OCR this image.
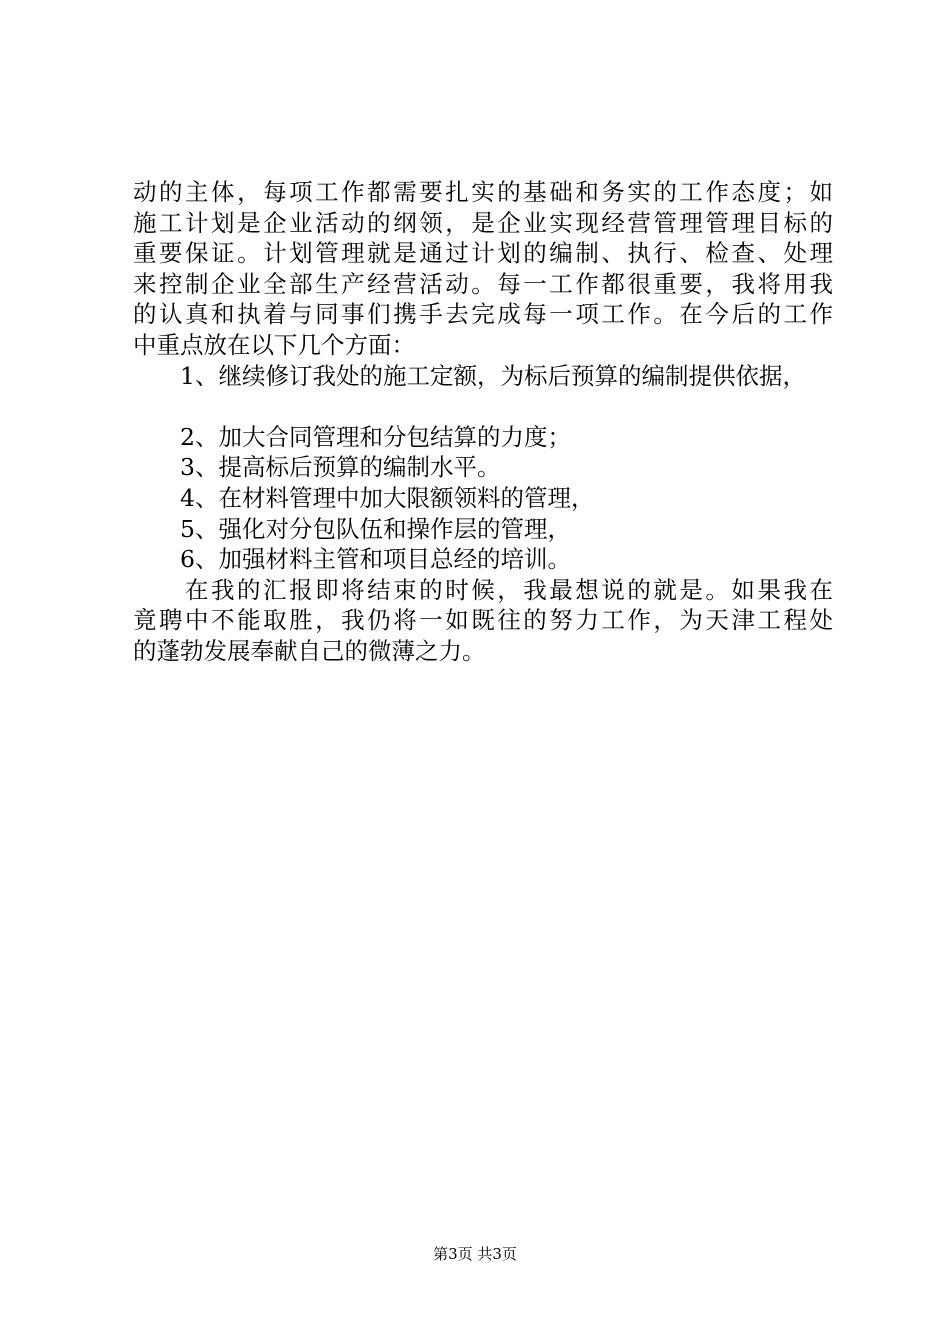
动的主体，每项工作都需要扎实的基础和务实的工作态度；如
施工计划是企业活动的纲领，是企业实现经营管理管理目标的
重要保证。计划管理就是通过计划的编制、执行、检查、处理
来控制企业全部生产经营活动。每一工作都很重要，我将用我
的认真和执着与同事们携手去完成每一项工作。在今后的工作
中重点放在以下几个方面：
1、继续修订我处的施工定额，为标后预算的编制提供依据，
2、加大合同管理和分包结算的力度；
3、提高标后预算的编制水平。
4、在材料管理中加大限额领料的管理，
5、强化对分包队伍和操作层的管理，
6、加强材料主管和项目总经的培训。
在我的汇报即将结束的时候，我最想说的就是。如果我在
竟聘中不能取胜，我仍将一如既往的努力工作，为天津工程处
的蓬勃发展奉献自己的微薄之力。
第3页 共3页
